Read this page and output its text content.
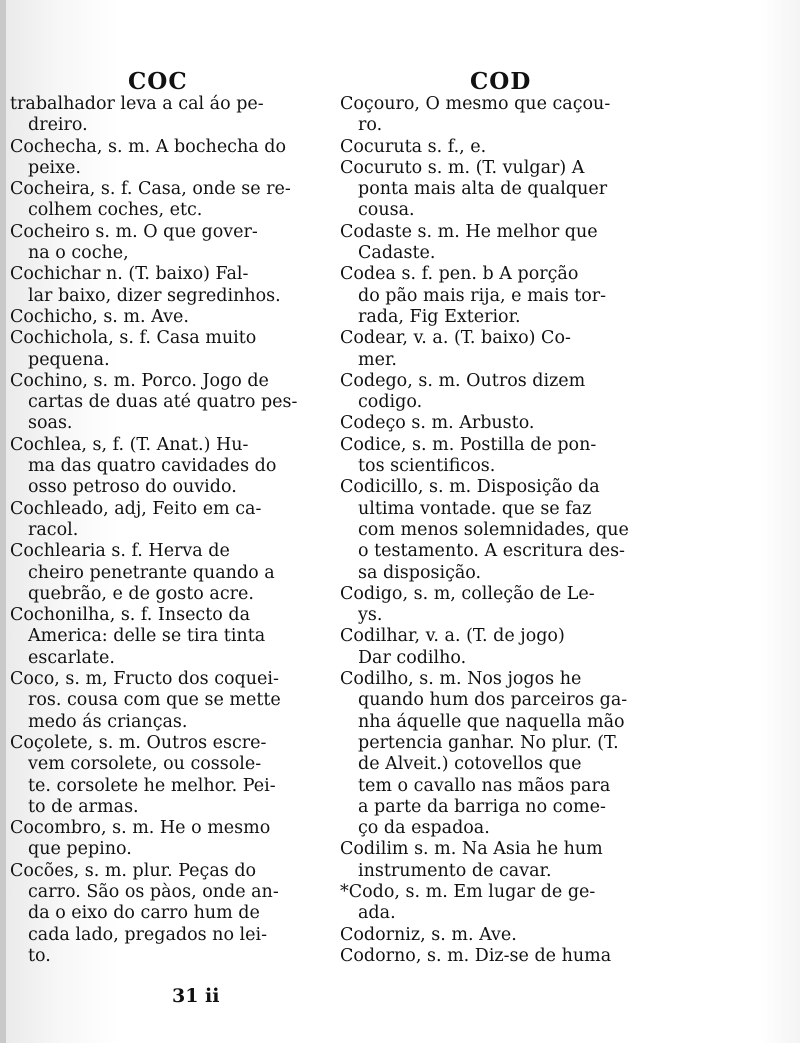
COC	COD
trabalhador leva a cal áo pe-
dreiro.
Cochecha, s. m. A bochecha do
peixe.
Cocheira, s. f. Casa, onde se re-
colhem coches, etc.
Cocheiro s. m. O que gover-
na o coche,
Cochichar n. (T. baixo) Fal-
lar baixo, dizer segredinhos.
Cochicho, s. m. Ave.
Cochichola, s. f. Casa muito
pequena.
Cochino, s. m. Porco. Jogo de
cartas de duas até quatro pes-
soas.
Cochlea, s, f. (T. Anat.) Hu-
ma das quatro cavidades do
osso petroso do ouvido.
Cochleado, adj, Feito em ca-
racol.
Cochlearia s. f. Herva de
cheiro penetrante quando a
quebrão, e de gosto acre.
Cochonilha, s. f. Insecto da
America: delle se tira tinta
escarlate.
Coco, s. m, Fructo dos coquei-
ros. cousa com que se mette
medo ás crianças.
Coçolete, s. m. Outros escre-
vem corsolete, ou cossole-
te. corsolete he melhor. Pei-
to de armas.
Cocombro, s. m. He o mesmo
que pepino.
Cocões, s. m. plur. Peças do
carro. São os pàos, onde an-
da o eixo do carro hum de
cada lado, pregados no lei-
to.
Coçouro, O mesmo que caçou-
ro.
Cocuruta s. f., e.
Cocuruto s. m. (T. vulgar) A
ponta mais alta de qualquer
cousa.
Codaste s. m. He melhor que
Cadaste.
Codea s. f. pen. b A porção
do pão mais rija, e mais tor-
rada, Fig Exterior.
Codear, v. a. (T. baixo) Co-
mer.
Codego, s. m. Outros dizem
codigo.
Codeço s. m. Arbusto.
Codice, s. m. Postilla de pon-
tos scientificos.
Codicillo, s. m. Disposição da
ultima vontade. que se faz
com menos solemnidades, que
o testamento. A escritura des-
sa disposição.
Codigo, s. m, colleção de Le-
ys.
Codilhar, v. a. (T. de jogo)
Dar codilho.
Codilho, s. m. Nos jogos he
quando hum dos parceiros ga-
nha áquelle que naquella mão
pertencia ganhar. No plur. (T.
de Alveit.) cotovellos que
tem o cavallo nas mãos para
a parte da barriga no come-
ço da espadoa.
Codilim s. m. Na Asia he hum
instrumento de cavar.
*Codo, s. m. Em lugar de ge-
ada.
Codorniz, s. m. Ave.
Codorno, s. m. Diz-se de huma
31 ii
